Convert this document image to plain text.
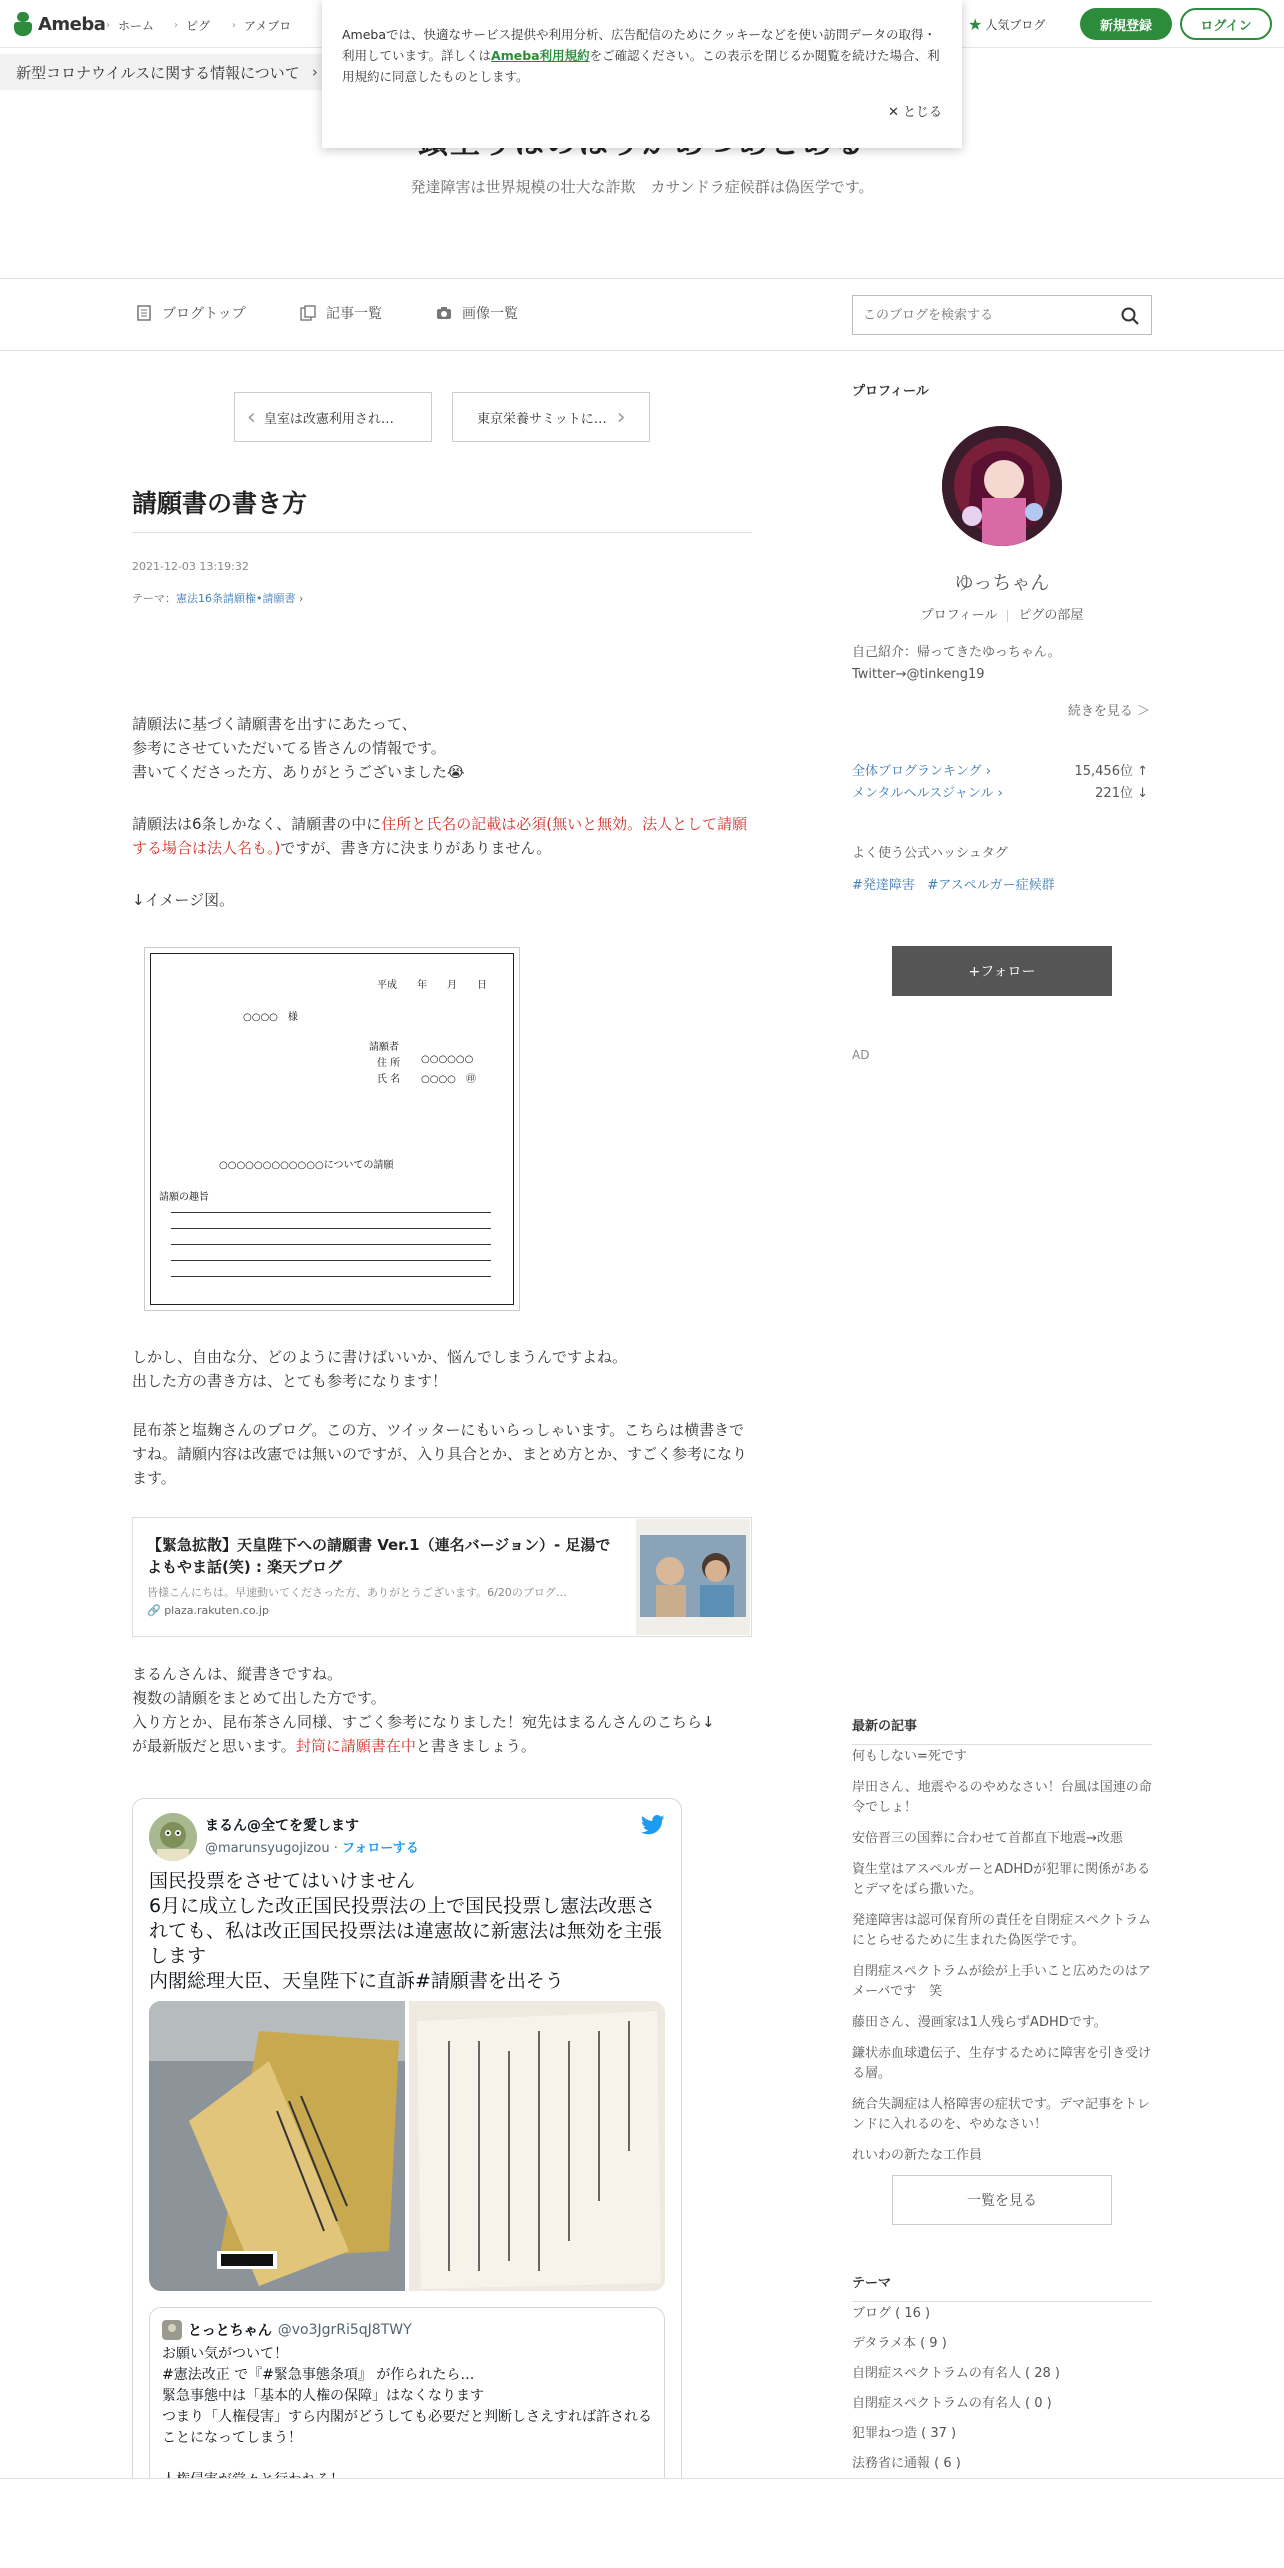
Ameba › ホーム › ピグ › アメブロ	★ 人気ブログ	新規登録	ログイン
新型コロナウイルスに関する情報について ›
Amebaでは、快適なサービス提供や利用分析、広告配信のためにクッキーなどを使い訪問データの取得・利用しています。詳しくはAmeba利用規約をご確認ください。この表示を閉じるか閲覧を続けた場合、利用規約に同意したものとします。
✕ とじる
発達障害は世界規模の壮大な詐欺　カサンドラ症候群は偽医学です。
ブログトップ	記事一覧	画像一覧
このブログを検索する
‹ 皇室は改憲利用され…	東京栄養サミットに… ›
請願書の書き方
2021-12-03 13:19:32
テーマ：憲法16条請願権•請願書 ›
請願法に基づく請願書を出すにあたって、
参考にさせていただいてる皆さんの情報です。
書いてくださった方、ありがとうございました😭
請願法は6条しかなく、請願書の中に住所と氏名の記載は必須(無いと無効。法人として請願する場合は法人名も。)ですが、書き方に決まりがありません。
↓イメージ図。
平成　　年　　月　　日
○○○○　様
請願者
住 所 ○○○○○○
氏 名 ○○○○　㊞
○○○○○○○○○○○○についての請願
請願の趣旨
しかし、自由な分、どのように書けばいいか、悩んでしまうんですよね。
出した方の書き方は、とても参考になります！
昆布茶と塩麹さんのブログ。この方、ツイッターにもいらっしゃいます。こちらは横書きですね。請願内容は改憲では無いのですが、入り具合とか、まとめ方とか、すごく参考になります。
【緊急拡散】天皇陛下への請願書 Ver.1（連名バージョン）- 足湯でよもやま話(笑) : 楽天ブログ
皆様こんにちは。早速動いてくださった方、ありがとうございます。6/20のブログ…
🔗 plaza.rakuten.co.jp
まるんさんは、縦書きですね。
複数の請願をまとめて出した方です。
入り方とか、昆布茶さん同様、すごく参考になりました！宛先はまるんさんのこちら↓
が最新版だと思います。封筒に請願書在中と書きましょう。
まるん@全てを愛します
@marunsyugojizou · フォローする
国民投票をさせてはいけません
6月に成立した改正国民投票法の上で国民投票し憲法改悪されても、私は改正国民投票法は違憲故に新憲法は無効を主張します
内閣総理大臣、天皇陛下に直訴#請願書を出そう
とっとちゃん @vo3JgrRi5qJ8TWY
お願い気がついて！
#憲法改正 で『#緊急事態条項』 が作られたら…
緊急事態中は「基本的人権の保障」はなくなります
つまり「人権侵害」すら内閣がどうしても必要だと判断しさえすれば許されることになってしまう！
プロフィール
ゆっちゃん
プロフィール ピグの部屋
自己紹介：帰ってきたゆっちゃん。
Twitter→@tinkeng19
続きを見る ＞
全体ブログランキング ›	15,456位 ↑
メンタルヘルスジャンル ›	221位 ↓
よく使う公式ハッシュタグ
#発達障害 #アスペルガー症候群
+フォロー
AD
最新の記事
何もしない=死です
岸田さん、地震やるのやめなさい！台風は国連の命令でしょ！
安倍晋三の国葬に合わせて首都直下地震→改悪
資生堂はアスペルガーとADHDが犯罪に関係があるとデマをばら撒いた。
発達障害は認可保育所の責任を自閉症スペクトラムにとらせるために生まれた偽医学です。
自閉症スペクトラムが絵が上手いこと広めたのはアメーバです　笑
藤田さん、漫画家は1人残らずADHDです。
鎌状赤血球遺伝子、生存するために障害を引き受ける層。
統合失調症は人格障害の症状です。デマ記事をトレンドに入れるのを、やめなさい！
れいわの新たな工作員
一覧を見る
テーマ
ブログ ( 16 )
デタラメ本 ( 9 )
自閉症スペクトラムの有名人 ( 28 )
自閉症スペクトラムの有名人 ( 0 )
犯罪ねつ造 ( 37 )
法務省に通報 ( 6 )
